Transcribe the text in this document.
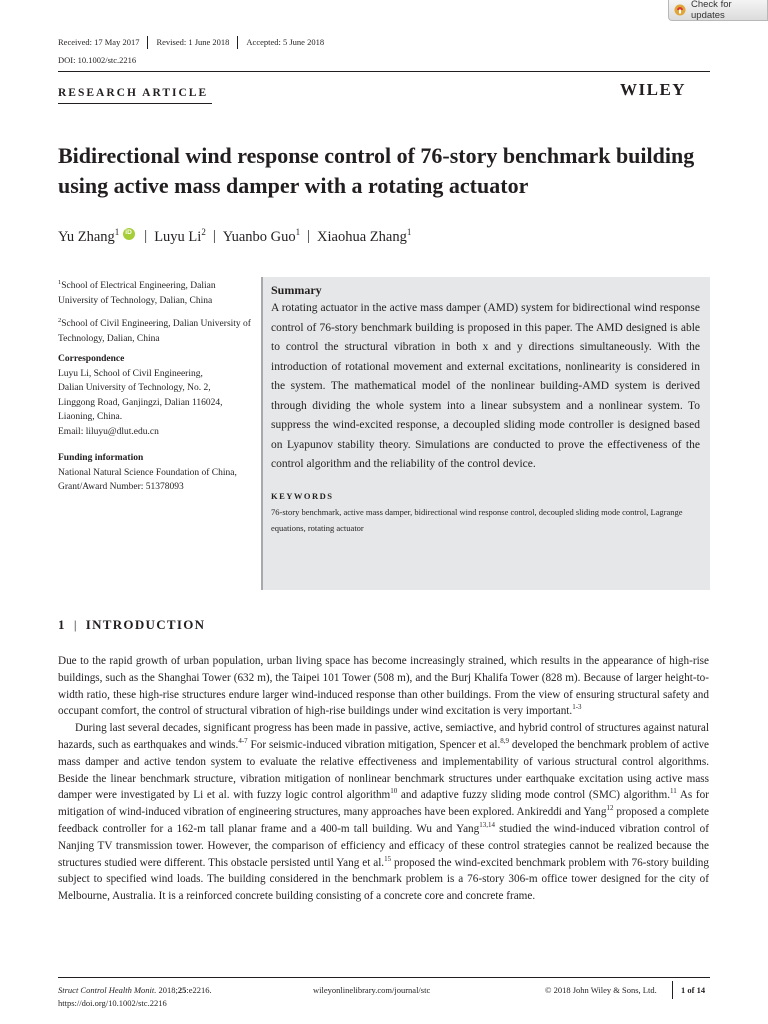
Check for updates
Received: 17 May 2017	Revised: 1 June 2018	Accepted: 5 June 2018
DOI: 10.1002/stc.2216
RESEARCH ARTICLE	WILEY
Bidirectional wind response control of 76-story benchmark building using active mass damper with a rotating actuator
Yu Zhang$^1$
iD | Luyu Li$^2$ | Yuanbo Guo$^1$ | Xiaohua Zhang$^1$
$^1$School of Electrical Engineering, Dalian University of Technology, Dalian, China
$^2$School of Civil Engineering, Dalian University of Technology, Dalian, China
Correspondence
Luyu Li, School of Civil Engineering,
Dalian University of Technology, No. 2,
Linggong Road, Ganjingzi, Dalian 116024,
Liaoning, China.
Email: liluyu@dlut.edu.cn
Funding information
National Natural Science Foundation of China, Grant/Award Number: 51378093
Summary
A rotating actuator in the active mass damper (AMD) system for bidirectional wind response control of 76-story benchmark building is proposed in this paper. The AMD designed is able to control the structural vibration in both x and y directions simultaneously. With the introduction of rotational movement and external excitations, nonlinearity is considered in the system. The mathematical model of the nonlinear building-AMD system is derived through dividing the whole system into a linear subsystem and a nonlinear system. To suppress the wind-excited response, a decoupled sliding mode controller is designed based on Lyapunov stability theory. Simulations are conducted to prove the effectiveness of the control algorithm and the reliability of the control device.
KEYWORDS
76-story benchmark, active mass damper, bidirectional wind response control, decoupled sliding mode control, Lagrange equations, rotating actuator
1 | INTRODUCTION

Due to the rapid growth of urban population, urban living space has become increasingly strained, which results in the appearance of high-rise buildings, such as the Shanghai Tower (632 m), the Taipei 101 Tower (508 m), and the Burj Khalifa Tower (828 m). Because of larger height-to-width ratio, these high-rise structures endure larger wind-induced response than other buildings. From the view of ensuring structural safety and occupant comfort, the control of structural vibration of high-rise buildings under wind excitation is very important.$^{1-3}$

During last several decades, significant progress has been made in passive, active, semiactive, and hybrid control of structures against natural hazards, such as earthquakes and winds.$^{4-7}$ For seismic-induced vibration mitigation, Spencer et al.$^{8,9}$ developed the benchmark problem of active mass damper and active tendon system to evaluate the relative effectiveness and implementability of various structural control algorithms. Beside the linear benchmark structure, vibration mitigation of nonlinear benchmark structures under earthquake excitation using active mass damper were investigated by Li et al. with fuzzy logic control algorithm$^{10}$ and adaptive fuzzy sliding mode control (SMC) algorithm.$^{11}$ As for mitigation of wind-induced vibration of engineering structures, many approaches have been explored. Ankireddi and Yang$^{12}$ proposed a complete feedback controller for a 162-m tall planar frame and a 400-m tall building. Wu and Yang$^{13,14}$ studied the wind-induced vibration control of Nanjing TV transmission tower. However, the comparison of efficiency and efficacy of these control strategies cannot be realized because the structures studied were different. This obstacle persisted until Yang et al.$^{15}$ proposed the wind-excited benchmark problem with 76-story building subject to specified wind loads. The building considered in the benchmark problem is a 76-story 306-m office tower designed for the city of Melbourne, Australia. It is a reinforced concrete building consisting of a concrete core and concrete frame.

Struct Control Health Monit. 2018;25:e2216.
https://doi.org/10.1002/stc.2216
wileyonlinelibrary.com/journal/stc	© 2018 John Wiley & Sons, Ltd.	1 of 14
